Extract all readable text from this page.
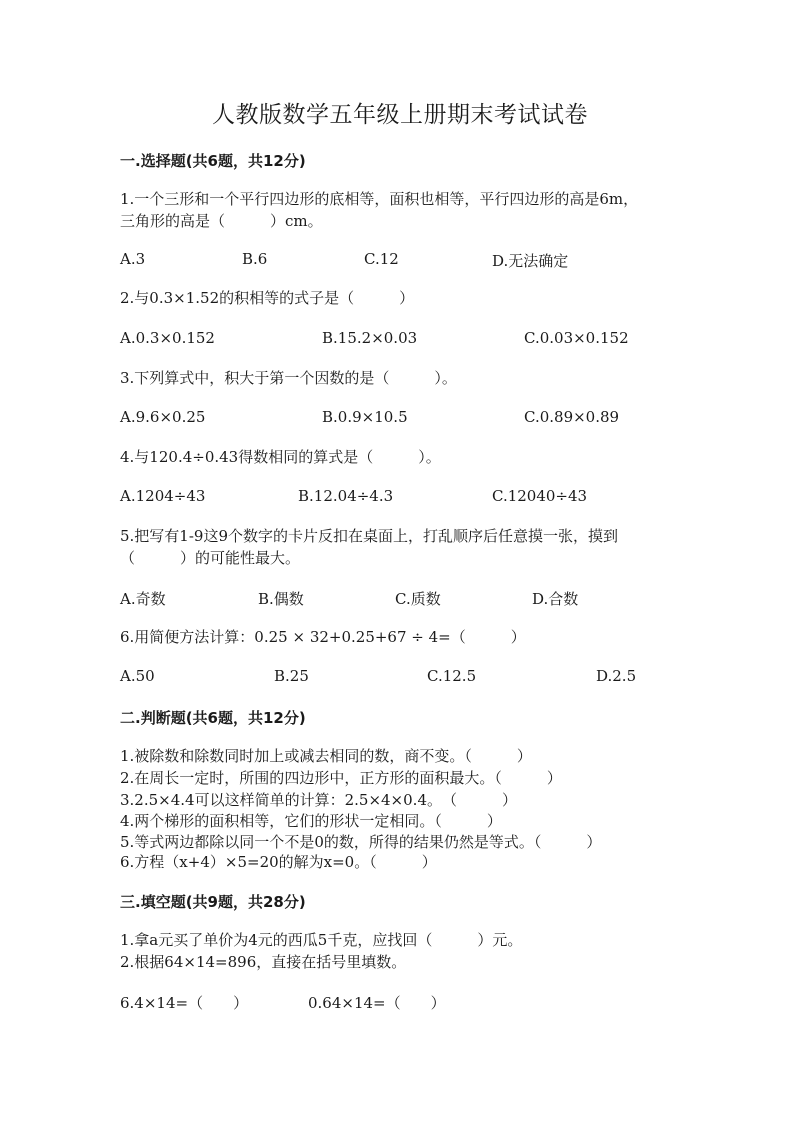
人教版数学五年级上册期末考试试卷
一.选择题(共6题，共12分)
1.一个三形和一个平行四边形的底相等，面积也相等，平行四边形的高是6m，
三角形的高是（　　　）cm。
A.3	B.6	C.12	D.无法确定
2.与0.3×1.52的积相等的式子是（　　　）
A.0.3×0.152	B.15.2×0.03	C.0.03×0.152
3.下列算式中，积大于第一个因数的是（　　　）。
A.9.6×0.25	B.0.9×10.5	C.0.89×0.89
4.与120.4÷0.43得数相同的算式是（　　　）。
A.1204÷43	B.12.04÷4.3	C.12040÷43
5.把写有1-9这9个数字的卡片反扣在桌面上，打乱顺序后任意摸一张，摸到
（　　　）的可能性最大。
A.奇数	B.偶数	C.质数	D.合数
6.用简便方法计算：0.25 × 32+0.25+67 ÷ 4=（　　　）
A.50	B.25	C.12.5	D.2.5
二.判断题(共6题，共12分)
1.被除数和除数同时加上或减去相同的数，商不变。（　　　）
2.在周长一定时，所围的四边形中，正方形的面积最大。（　　　）
3.2.5×4.4可以这样简单的计算：2.5×4×0.4。　（　　　）
4.两个梯形的面积相等，它们的形状一定相同。（　　　）
5.等式两边都除以同一个不是0的数，所得的结果仍然是等式。（　　　）
6.方程（x+4）×5=20的解为x=0。（　　　）
三.填空题(共9题，共28分)
1.拿a元买了单价为4元的西瓜5千克，应找回（　　　）元。
2.根据64×14=896，直接在括号里填数。
6.4×14=（　　）	0.64×14=（　　）
